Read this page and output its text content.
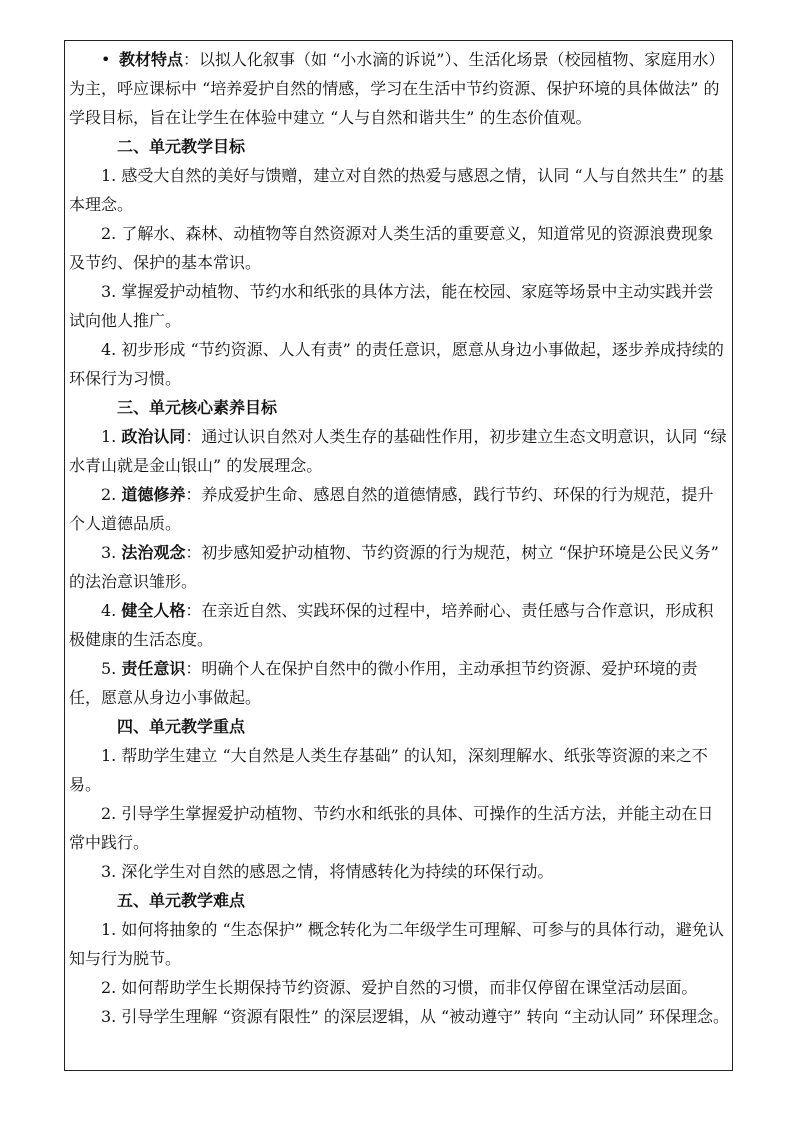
• 教材特点：以拟人化叙事（如 “小水滴的诉说”）、生活化场景（校园植物、家庭用水）为主，呼应课标中 “培养爱护自然的情感，学习在生活中节约资源、保护环境的具体做法” 的学段目标，旨在让学生在体验中建立 “人与自然和谐共生” 的生态价值观。

二、单元教学目标

1. 感受大自然的美好与馈赠，建立对自然的热爱与感恩之情，认同 “人与自然共生” 的基本理念。

2. 了解水、森林、动植物等自然资源对人类生活的重要意义，知道常见的资源浪费现象及节约、保护的基本常识。

3. 掌握爱护动植物、节约水和纸张的具体方法，能在校园、家庭等场景中主动实践并尝试向他人推广。

4. 初步形成 “节约资源、人人有责” 的责任意识，愿意从身边小事做起，逐步养成持续的环保行为习惯。

三、单元核心素养目标

1. 政治认同：通过认识自然对人类生存的基础性作用，初步建立生态文明意识，认同 “绿水青山就是金山银山” 的发展理念。

2. 道德修养：养成爱护生命、感恩自然的道德情感，践行节约、环保的行为规范，提升个人道德品质。

3. 法治观念：初步感知爱护动植物、节约资源的行为规范，树立 “保护环境是公民义务” 的法治意识雏形。

4. 健全人格：在亲近自然、实践环保的过程中，培养耐心、责任感与合作意识，形成积极健康的生活态度。

5. 责任意识：明确个人在保护自然中的微小作用，主动承担节约资源、爱护环境的责任，愿意从身边小事做起。

四、单元教学重点

1. 帮助学生建立 “大自然是人类生存基础” 的认知，深刻理解水、纸张等资源的来之不易。

2. 引导学生掌握爱护动植物、节约水和纸张的具体、可操作的生活方法，并能主动在日常中践行。

3. 深化学生对自然的感恩之情，将情感转化为持续的环保行动。

五、单元教学难点

1. 如何将抽象的 “生态保护” 概念转化为二年级学生可理解、可参与的具体行动，避免认知与行为脱节。

2. 如何帮助学生长期保持节约资源、爱护自然的习惯，而非仅停留在课堂活动层面。

3. 引导学生理解 “资源有限性” 的深层逻辑，从 “被动遵守” 转向 “主动认同” 环保理念。
